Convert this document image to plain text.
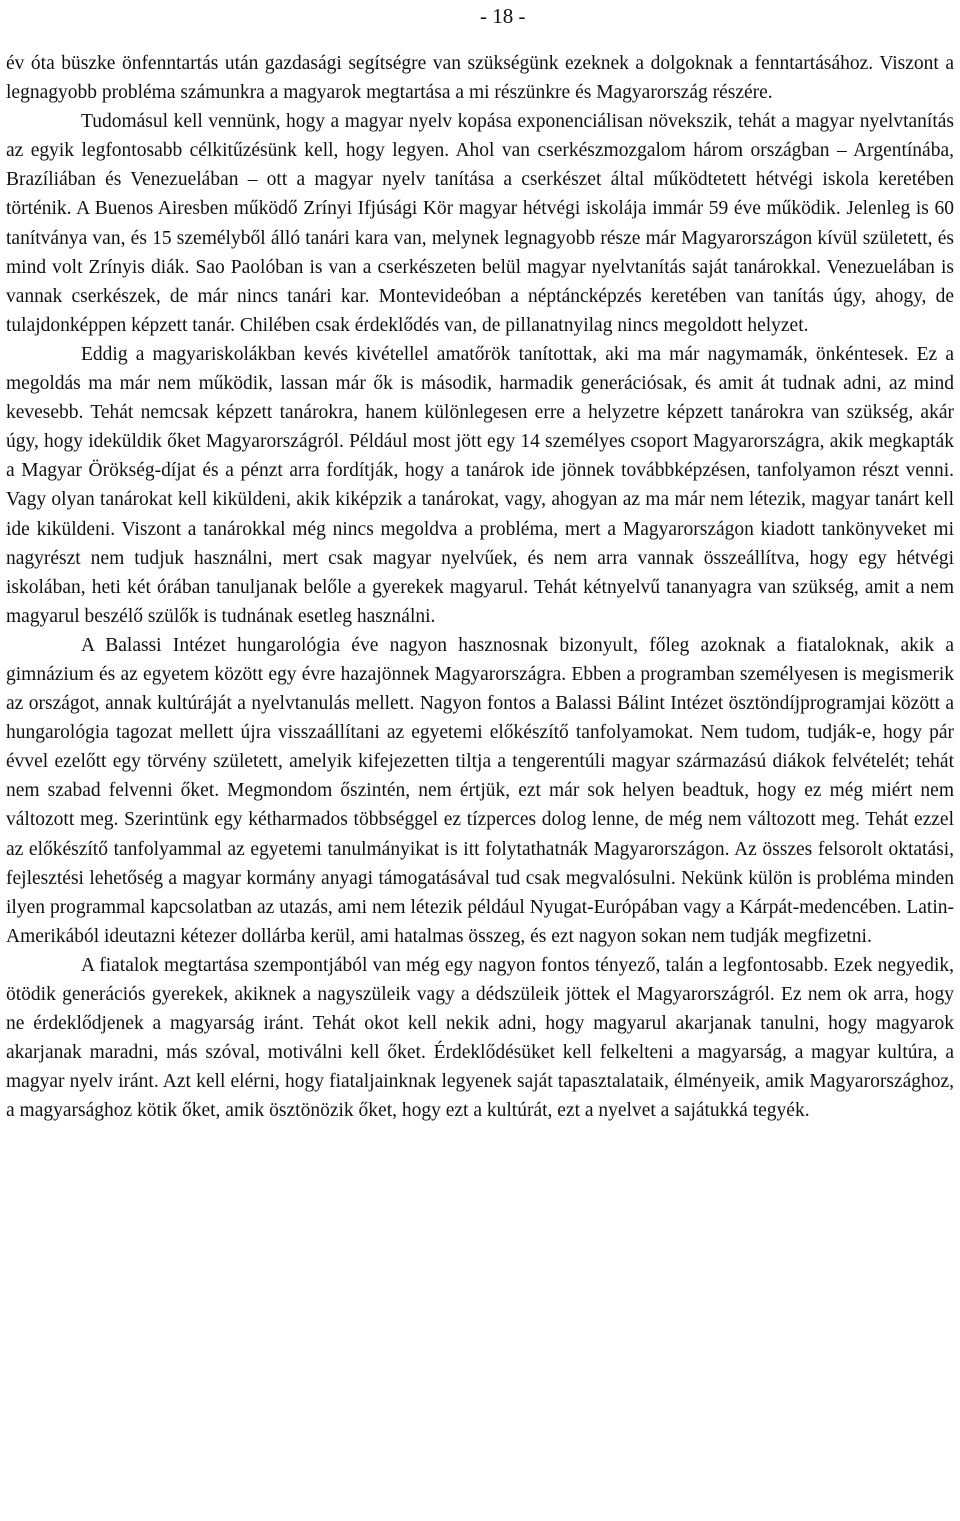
- 18 -

év óta büszke önfenntartás után gazdasági segítségre van szükségünk ezeknek a dolgoknak a fenntartásához. Viszont a legnagyobb probléma számunkra a magyarok megtartása a mi részünkre és Magyarország részére.

Tudomásul kell vennünk, hogy a magyar nyelv kopása exponenciálisan növekszik, tehát a magyar nyelvtanítás az egyik legfontosabb célkitűzésünk kell, hogy legyen. Ahol van cserkészmozgalom három országban – Argentínába, Brazíliában és Venezuelában – ott a magyar nyelv tanítása a cserkészet által működtetett hétvégi iskola keretében történik. A Buenos Airesben működő Zrínyi Ifjúsági Kör magyar hétvégi iskolája immár 59 éve működik. Jelenleg is 60 tanítványa van, és 15 személyből álló tanári kara van, melynek legnagyobb része már Magyarországon kívül született, és mind volt Zrínyis diák. Sao Paolóban is van a cserkészeten belül magyar nyelvtanítás saját tanárokkal. Venezuelában is vannak cserkészek, de már nincs tanári kar. Montevideóban a néptáncképzés keretében van tanítás úgy, ahogy, de tulajdonképpen képzett tanár. Chilében csak érdeklődés van, de pillanatnyilag nincs megoldott helyzet.

Eddig a magyariskolákban kevés kivétellel amatőrök tanítottak, aki ma már nagymamák, önkéntesek. Ez a megoldás ma már nem működik, lassan már ők is második, harmadik generációsak, és amit át tudnak adni, az mind kevesebb. Tehát nemcsak képzett tanárokra, hanem különlegesen erre a helyzetre képzett tanárokra van szükség, akár úgy, hogy ideküldik őket Magyarországról. Például most jött egy 14 személyes csoport Magyarországra, akik megkapták a Magyar Örökség-díjat és a pénzt arra fordítják, hogy a tanárok ide jönnek továbbképzésen, tanfolyamon részt venni. Vagy olyan tanárokat kell kiküldeni, akik kiképzik a tanárokat, vagy, ahogyan az ma már nem létezik, magyar tanárt kell ide kiküldeni. Viszont a tanárokkal még nincs megoldva a probléma, mert a Magyarországon kiadott tankönyveket mi nagyrészt nem tudjuk használni, mert csak magyar nyelvűek, és nem arra vannak összeállítva, hogy egy hétvégi iskolában, heti két órában tanuljanak belőle a gyerekek magyarul. Tehát kétnyelvű tananyagra van szükség, amit a nem magyarul beszélő szülők is tudnának esetleg használni.

A Balassi Intézet hungarológia éve nagyon hasznosnak bizonyult, főleg azoknak a fiataloknak, akik a gimnázium és az egyetem között egy évre hazajönnek Magyarországra. Ebben a programban személyesen is megismerik az országot, annak kultúráját a nyelvtanulás mellett. Nagyon fontos a Balassi Bálint Intézet ösztöndíjprogramjai között a hungarológia tagozat mellett újra visszaállítani az egyetemi előkészítő tanfolyamokat. Nem tudom, tudják-e, hogy pár évvel ezelőtt egy törvény született, amelyik kifejezetten tiltja a tengerentúli magyar származású diákok felvételét; tehát nem szabad felvenni őket. Megmondom őszintén, nem értjük, ezt már sok helyen beadtuk, hogy ez még miért nem változott meg. Szerintünk egy kétharmados többséggel ez tízperces dolog lenne, de még nem változott meg. Tehát ezzel az előkészítő tanfolyammal az egyetemi tanulmányikat is itt folytathatnák Magyarországon. Az összes felsorolt oktatási, fejlesztési lehetőség a magyar kormány anyagi támogatásával tud csak megvalósulni. Nekünk külön is probléma minden ilyen programmal kapcsolatban az utazás, ami nem létezik például Nyugat-Európában vagy a Kárpát-medencében. Latin-Amerikából ideutazni kétezer dollárba kerül, ami hatalmas összeg, és ezt nagyon sokan nem tudják megfizetni.

A fiatalok megtartása szempontjából van még egy nagyon fontos tényező, talán a legfontosabb. Ezek negyedik, ötödik generációs gyerekek, akiknek a nagyszüleik vagy a dédszüleik jöttek el Magyarországról. Ez nem ok arra, hogy ne érdeklődjenek a magyarság iránt. Tehát okot kell nekik adni, hogy magyarul akarjanak tanulni, hogy magyarok akarjanak maradni, más szóval, motiválni kell őket. Érdeklődésüket kell felkelteni a magyarság, a magyar kultúra, a magyar nyelv iránt. Azt kell elérni, hogy fiataljainknak legyenek saját tapasztalataik, élményeik, amik Magyarországhoz, a magyarsághoz kötik őket, amik ösztönözik őket, hogy ezt a kultúrát, ezt a nyelvet a sajátukká tegyék.
